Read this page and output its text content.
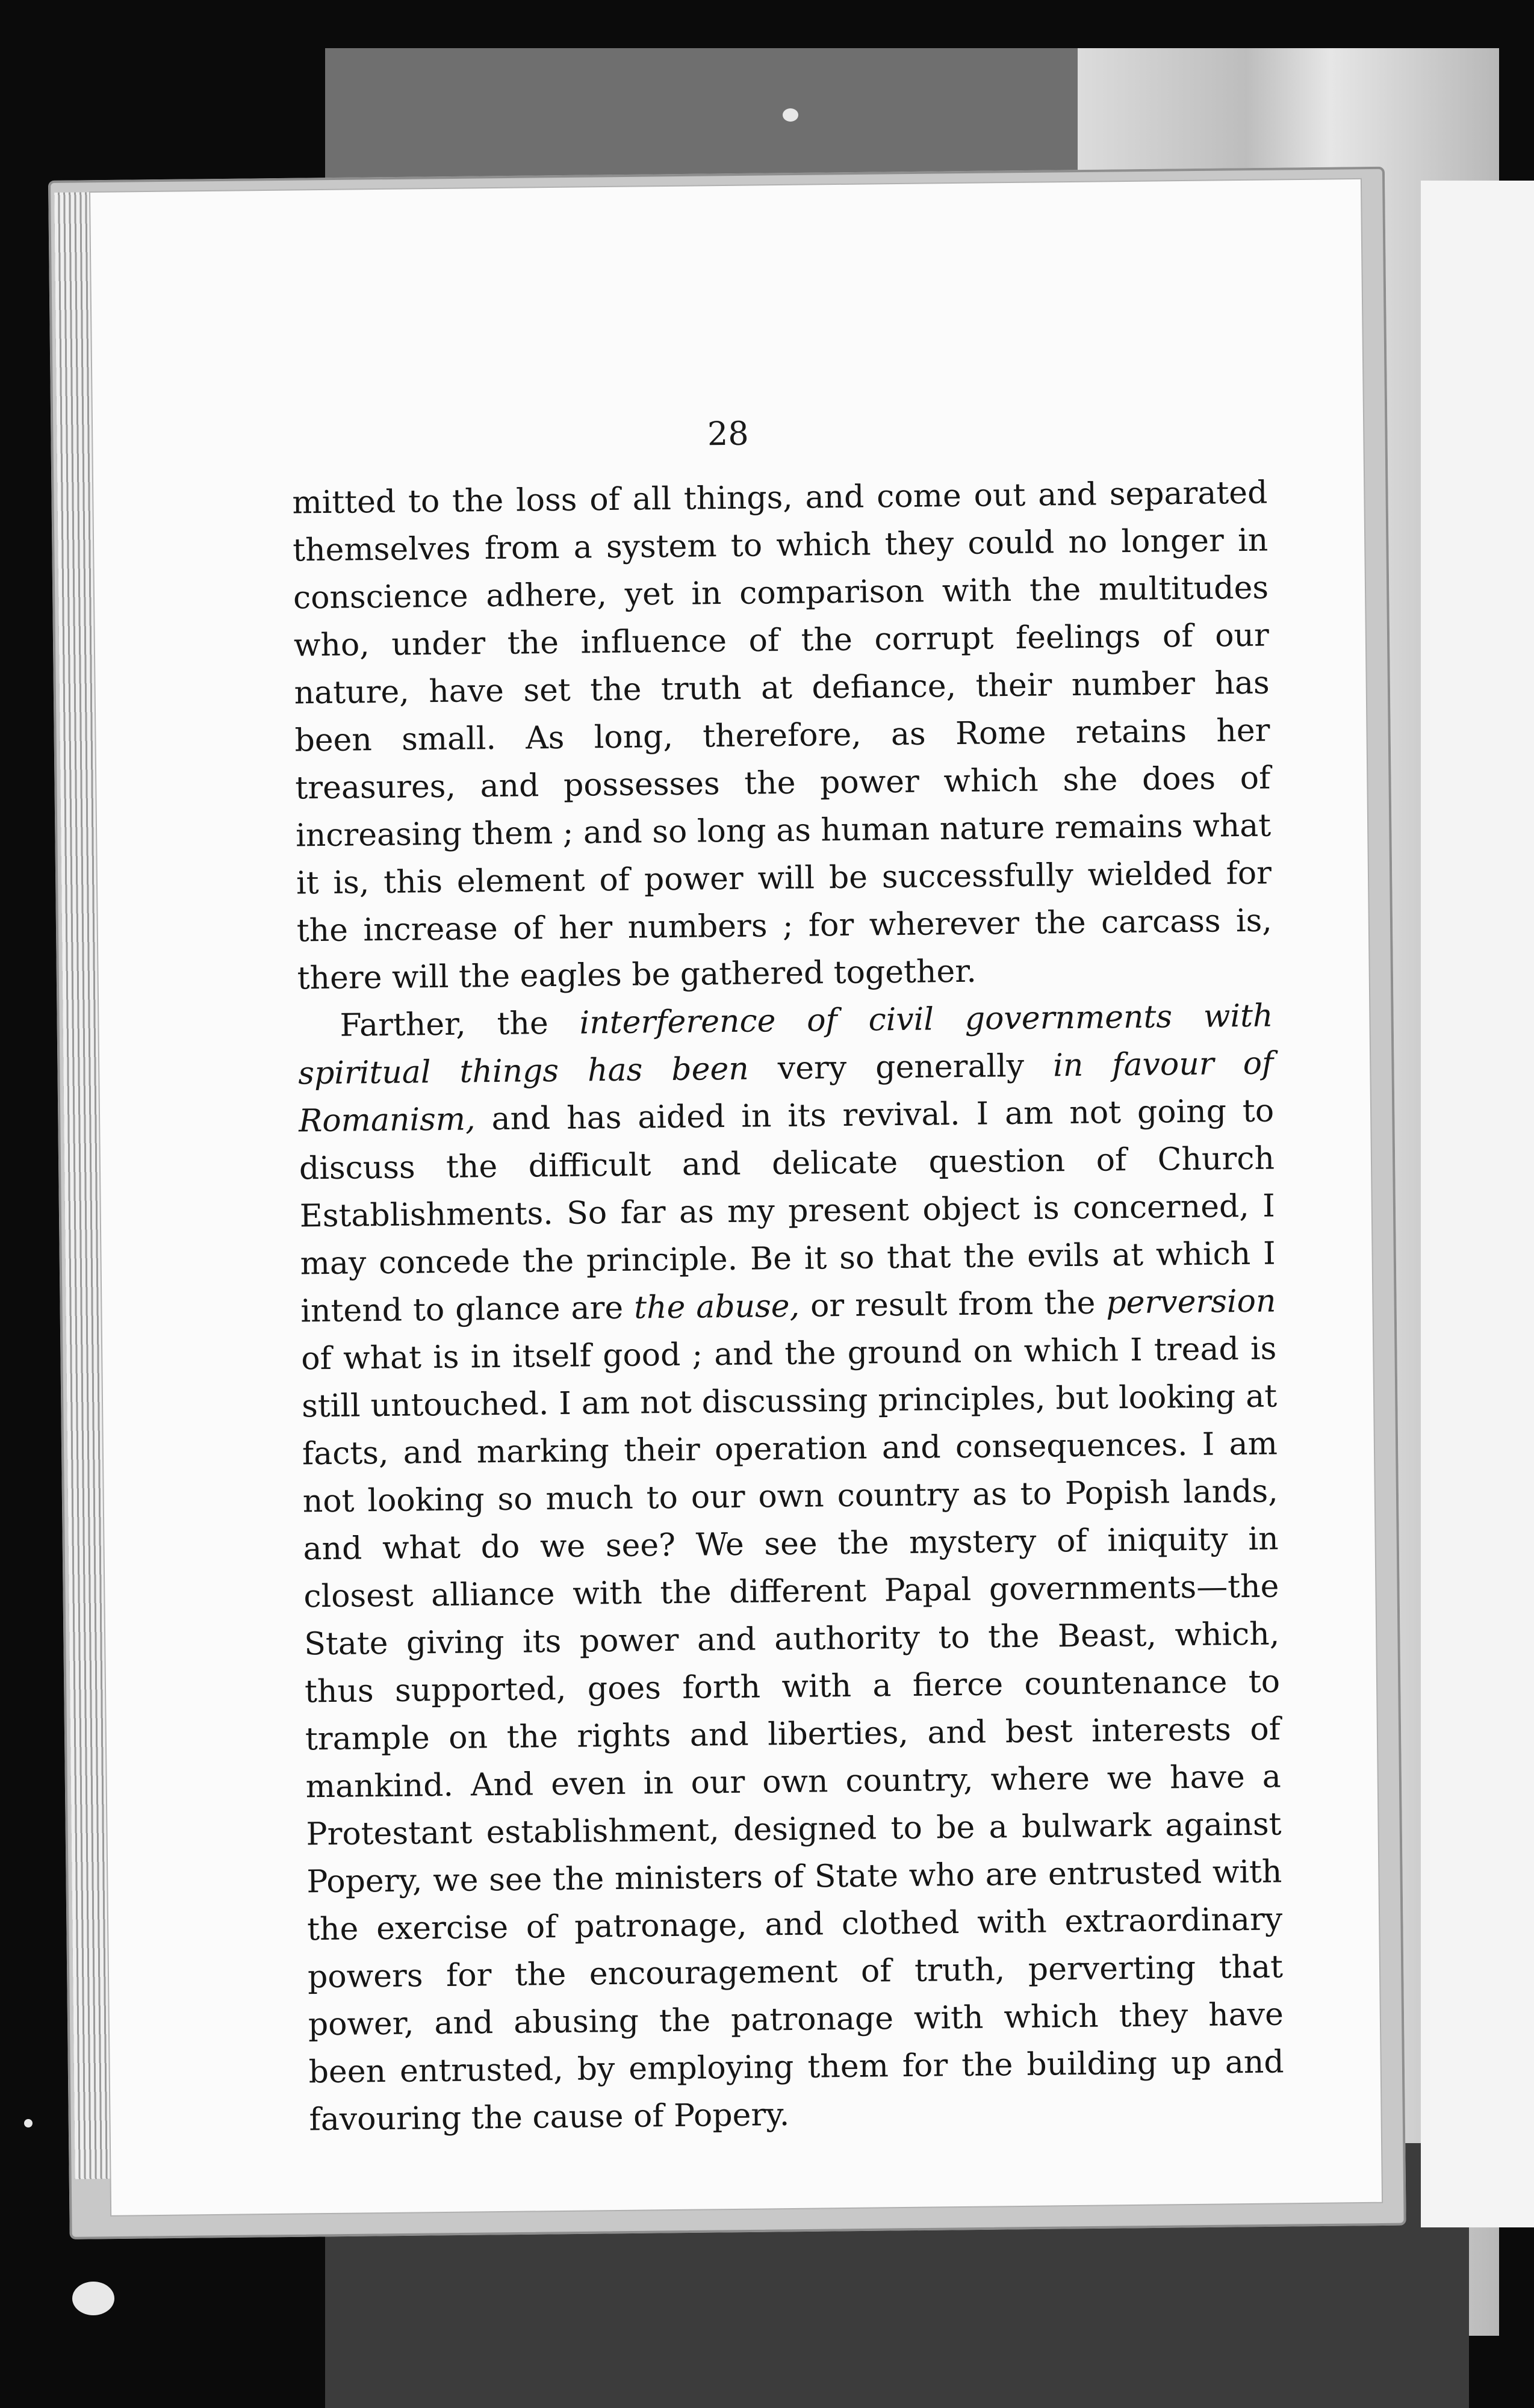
28

mitted to the loss of all things, and come out and separated themselves from a system to which they could no longer in conscience adhere, yet in comparison with the multitudes who, under the influence of the corrupt feelings of our nature, have set the truth at defiance, their number has been small. As long, therefore, as Rome retains her treasures, and possesses the power which she does of increasing them ; and so long as human nature remains what it is, this element of power will be successfully wielded for the increase of her numbers ; for wherever the carcass is, there will the eagles be gathered together.

Farther, the interference of civil governments with spiritual things has been very generally in favour of Romanism, and has aided in its revival. I am not going to discuss the difficult and delicate question of Church Establishments. So far as my present object is concerned, I may concede the principle. Be it so that the evils at which I intend to glance are the abuse, or result from the perversion of what is in itself good ; and the ground on which I tread is still untouched. I am not discussing principles, but looking at facts, and marking their operation and consequences. I am not looking so much to our own country as to Popish lands, and what do we see? We see the mystery of iniquity in closest alliance with the different Papal governments—the State giving its power and authority to the Beast, which, thus supported, goes forth with a fierce countenance to trample on the rights and liberties, and best interests of mankind. And even in our own country, where we have a Protestant establishment, designed to be a bulwark against Popery, we see the ministers of State who are entrusted with the exercise of patronage, and clothed with extraordinary powers for the encouragement of truth, perverting that power, and abusing the patronage with which they have been entrusted, by employing them for the building up and favouring the cause of Popery.
